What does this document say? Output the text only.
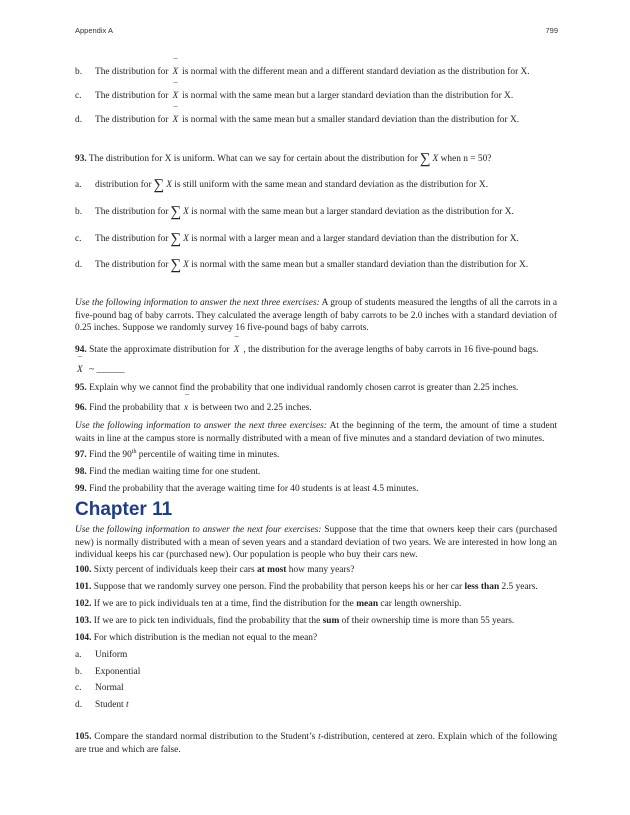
Appendix A	799
b. The distribution for ¯ X is normal with the different mean and a different standard deviation as the distribution for X.
c. The distribution for ¯ X is normal with the same mean but a larger standard deviation than the distribution for X.
d. The distribution for ¯ X is normal with the same mean but a smaller standard deviation than the distribution for X.
93. The distribution for X is uniform. What can we say for certain about the distribution for ∑ X when n = 50?
a. distribution for ∑ X is still uniform with the same mean and standard deviation as the distribution for X.
b. The distribution for ∑ X is normal with the same mean but a larger standard deviation as the distribution for X.
c. The distribution for ∑ X is normal with a larger mean and a larger standard deviation than the distribution for X.
d. The distribution for ∑ X is normal with the same mean but a smaller standard deviation than the distribution for X.
Use the following information to answer the next three exercises: A group of students measured the lengths of all the carrots in a five-pound bag of baby carrots. They calculated the average length of baby carrots to be 2.0 inches with a standard deviation of 0.25 inches. Suppose we randomly survey 16 five-pound bags of baby carrots.
94. State the approximate distribution for ¯ X , the distribution for the average lengths of baby carrots in 16 five-pound bags.
¯ X ~ ______
95. Explain why we cannot find the probability that one individual randomly chosen carrot is greater than 2.25 inches.
96. Find the probability that ¯ x is between two and 2.25 inches.
Use the following information to answer the next three exercises: At the beginning of the term, the amount of time a student waits in line at the campus store is normally distributed with a mean of five minutes and a standard deviation of two minutes.
97. Find the 90th percentile of waiting time in minutes.
98. Find the median waiting time for one student.
99. Find the probability that the average waiting time for 40 students is at least 4.5 minutes.
Chapter 11
Use the following information to answer the next four exercises: Suppose that the time that owners keep their cars (purchased new) is normally distributed with a mean of seven years and a standard deviation of two years. We are interested in how long an individual keeps his car (purchased new). Our population is people who buy their cars new.
100. Sixty percent of individuals keep their cars at most how many years?
101. Suppose that we randomly survey one person. Find the probability that person keeps his or her car less than 2.5 years.
102. If we are to pick individuals ten at a time, find the distribution for the mean car length ownership.
103. If we are to pick ten individuals, find the probability that the sum of their ownership time is more than 55 years.
104. For which distribution is the median not equal to the mean?
a. Uniform
b. Exponential
c. Normal
d. Student t
105. Compare the standard normal distribution to the Student’s t-distribution, centered at zero. Explain which of the following are true and which are false.
